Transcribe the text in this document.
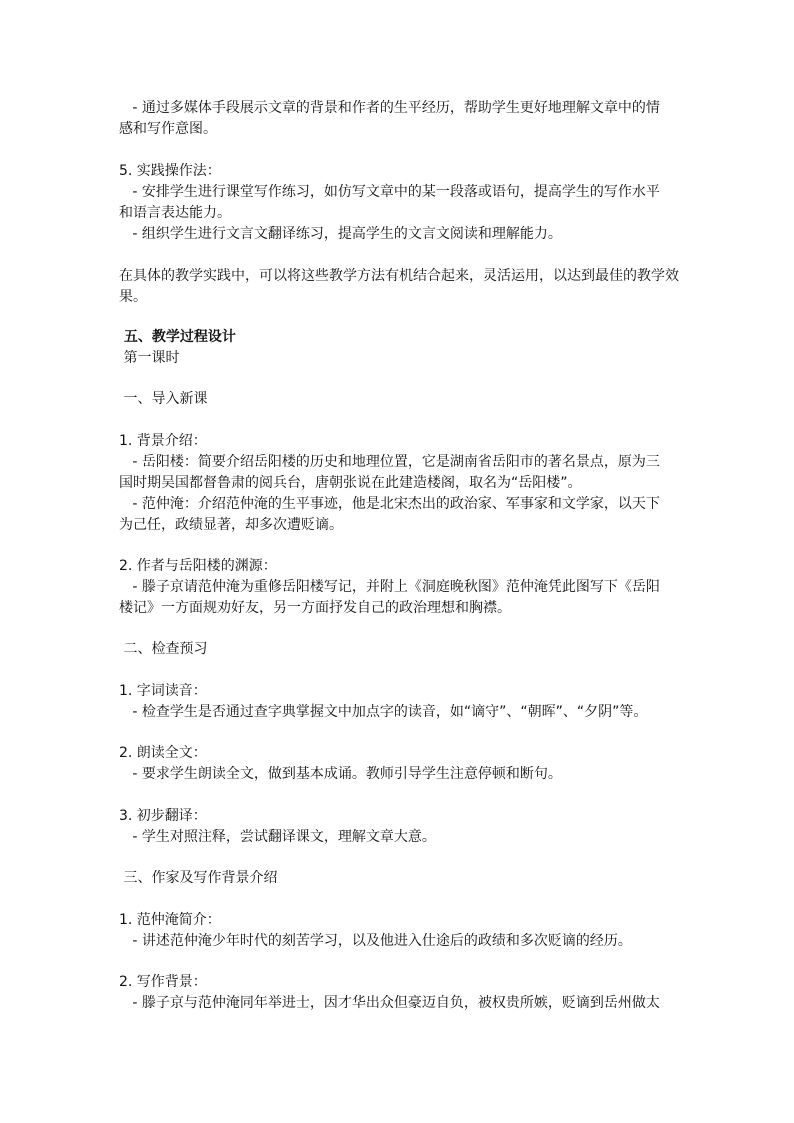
- 通过多媒体手段展示文章的背景和作者的生平经历，帮助学生更好地理解文章中的情

感和写作意图。

5. 实践操作法：

- 安排学生进行课堂写作练习，如仿写文章中的某一段落或语句，提高学生的写作水平

和语言表达能力。

- 组织学生进行文言文翻译练习，提高学生的文言文阅读和理解能力。

在具体的教学实践中，可以将这些教学方法有机结合起来，灵活运用，以达到最佳的教学效

果。

五、教学过程设计

第一课时

一、导入新课

1. 背景介绍：

- 岳阳楼：简要介绍岳阳楼的历史和地理位置，它是湖南省岳阳市的著名景点，原为三

国时期吴国都督鲁肃的阅兵台，唐朝张说在此建造楼阁，取名为“岳阳楼”。

- 范仲淹：介绍范仲淹的生平事迹，他是北宋杰出的政治家、军事家和文学家，以天下

为己任，政绩显著，却多次遭贬谪。

2. 作者与岳阳楼的渊源：

- 滕子京请范仲淹为重修岳阳楼写记，并附上《洞庭晚秋图》范仲淹凭此图写下《岳阳

楼记》一方面规劝好友，另一方面抒发自己的政治理想和胸襟。

二、检查预习

1. 字词读音：

- 检查学生是否通过查字典掌握文中加点字的读音，如“谪守”、“朝晖”、“夕阴”等。

2. 朗读全文：

- 要求学生朗读全文，做到基本成诵。教师引导学生注意停顿和断句。

3. 初步翻译：

- 学生对照注释，尝试翻译课文，理解文章大意。

三、作家及写作背景介绍

1. 范仲淹简介：

- 讲述范仲淹少年时代的刻苦学习，以及他进入仕途后的政绩和多次贬谪的经历。

2. 写作背景：

- 滕子京与范仲淹同年举进士，因才华出众但豪迈自负，被权贵所嫉，贬谪到岳州做太
